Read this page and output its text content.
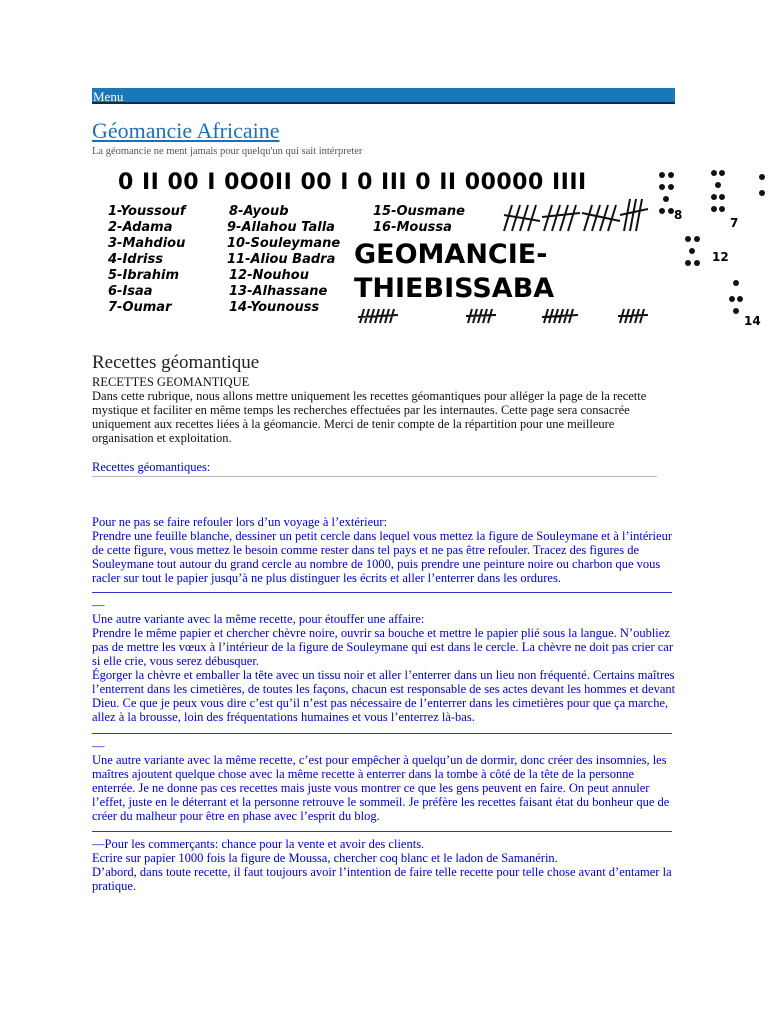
Menu
Géomancie Africaine
La géomancie ne ment jamais pour quelqu'un qui sait intérpreter
0 II 00 I 0O0II 00 I 0 III 0 II 00000 IIII
1-Youssouf
2-Adama
3-Mahdiou
4-Idriss
5-Ibrahim
6-Isaa
7-Oumar
8-Ayoub
9-Allahou Talla
10-Souleymane
11-Aliou Badra
12-Nouhou
13-Alhassane
14-Younouss
15-Ousmane
16-Moussa
GEOMANCIE-
THIEBISSABA
8
7
12
14
Recettes géomantique
RECETTES GEOMANTIQUE

Dans cette rubrique, nous allons mettre uniquement les recettes géomantiques pour alléger la page de la recette mystique et faciliter en même temps les recherches effectuées par les internautes. Cette page sera consacrée uniquement aux recettes liées à la géomancie. Merci de tenir compte de la répartition pour une meilleure organisation et exploitation.

Recettes géomantiques:

Pour ne pas se faire refouler lors d’un voyage à l’extérieur:

Prendre une feuille blanche, dessiner un petit cercle dans lequel vous mettez la figure de Souleymane et à l’intérieur de cette figure, vous mettez le besoin comme rester dans tel pays et ne pas être refouler. Tracez des figures de Souleymane tout autour du grand cercle au nombre de 1000, puis prendre une peinture noire ou charbon que vous racler sur tout le papier jusqu’à ne plus distinguer les écrits et aller l’enterrer dans les ordures.

—

Une autre variante avec la même recette, pour étouffer une affaire:

Prendre le même papier et chercher chèvre noire, ouvrir sa bouche et mettre le papier plié sous la langue. N’oubliez pas de mettre les vœux à l’intérieur de la figure de Souleymane qui est dans le cercle. La chèvre ne doit pas crier car si elle crie, vous serez débusquer.

Égorger la chèvre et emballer la tête avec un tissu noir et aller l’enterrer dans un lieu non fréquenté. Certains maîtres l’enterrent dans les cimetières, de toutes les façons, chacun est responsable de ses actes devant les hommes et devant Dieu. Ce que je peux vous dire c’est qu’il n’est pas nécessaire de l’enterrer dans les cimetières pour que ça marche, allez à la brousse, loin des fréquentations humaines et vous l’enterrez là-bas.

—

Une autre variante avec la même recette, c’est pour empêcher à quelqu’un de dormir, donc créer des insomnies, les maîtres ajoutent quelque chose avec la même recette à enterrer dans la tombe à côté de la tête de la personne enterrée. Je ne donne pas ces recettes mais juste vous montrer ce que les gens peuvent en faire. On peut annuler l’effet, juste en le déterrant et la personne retrouve le sommeil. Je préfère les recettes faisant état du bonheur que de créer du malheur pour être en phase avec l’esprit du blog.

—Pour les commerçants: chance pour la vente et avoir des clients.

Ecrire sur papier 1000 fois la figure de Moussa, chercher coq blanc et le ladon de Samanérin.

D’abord, dans toute recette, il faut toujours avoir l’intention de faire telle recette pour telle chose avant d’entamer la pratique.
